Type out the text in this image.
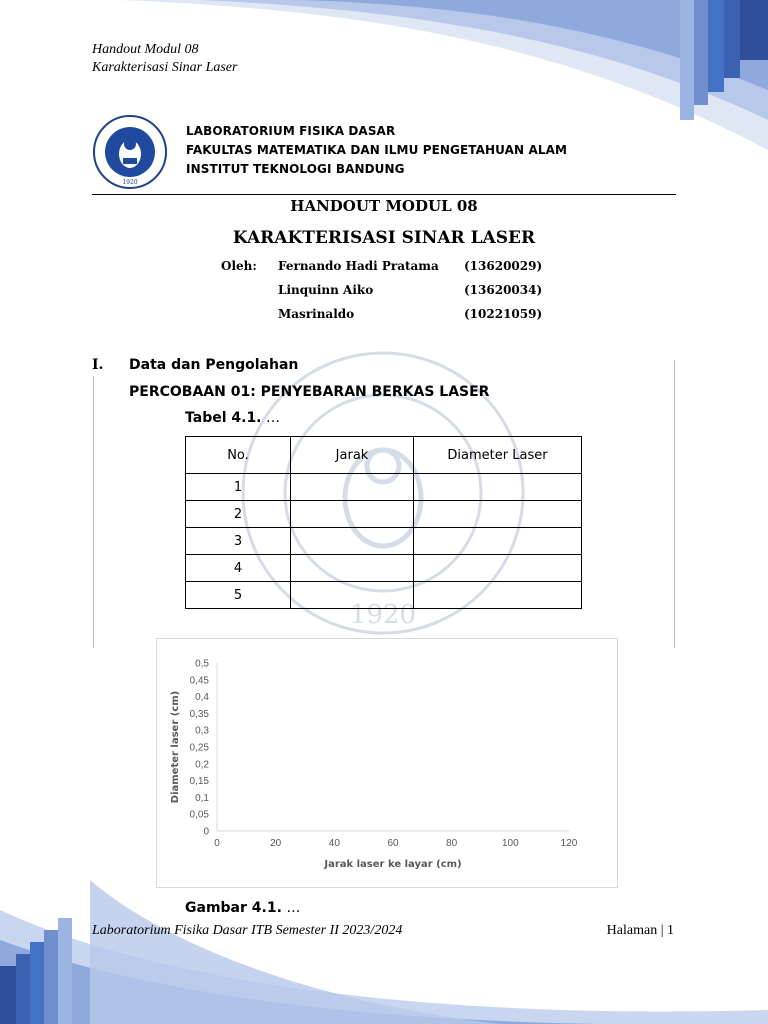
1920
Handout Modul 08
Karakterisasi Sinar Laser
1920
LABORATORIUM FISIKA DASAR
FAKULTAS MATEMATIKA DAN ILMU PENGETAHUAN ALAM
INSTITUT TEKNOLOGI BANDUNG
HANDOUT MODUL 08
KARAKTERISASI SINAR LASER
Oleh: Fernando Hadi Pratama (13620029)
Linquinn Aiko	(13620034)
Masrinaldo	(10221059)
I. Data dan Pengolahan
PERCOBAAN 01: PENYEBARAN BERKAS LASER
Tabel 4.1. …
No.	Jarak	Diameter Laser
1		
2		
3		
4		
5		
0	20	40	60	80	100	120
0
0,05
0,1
0,15
0,2
0,25
0,3
0,35
0,4
0,45
0,5
Jarak laser ke layar (cm)
Diameter laser (cm)
Gambar 4.1. …
Laboratorium Fisika Dasar ITB Semester II 2023/2024	Halaman | 1
